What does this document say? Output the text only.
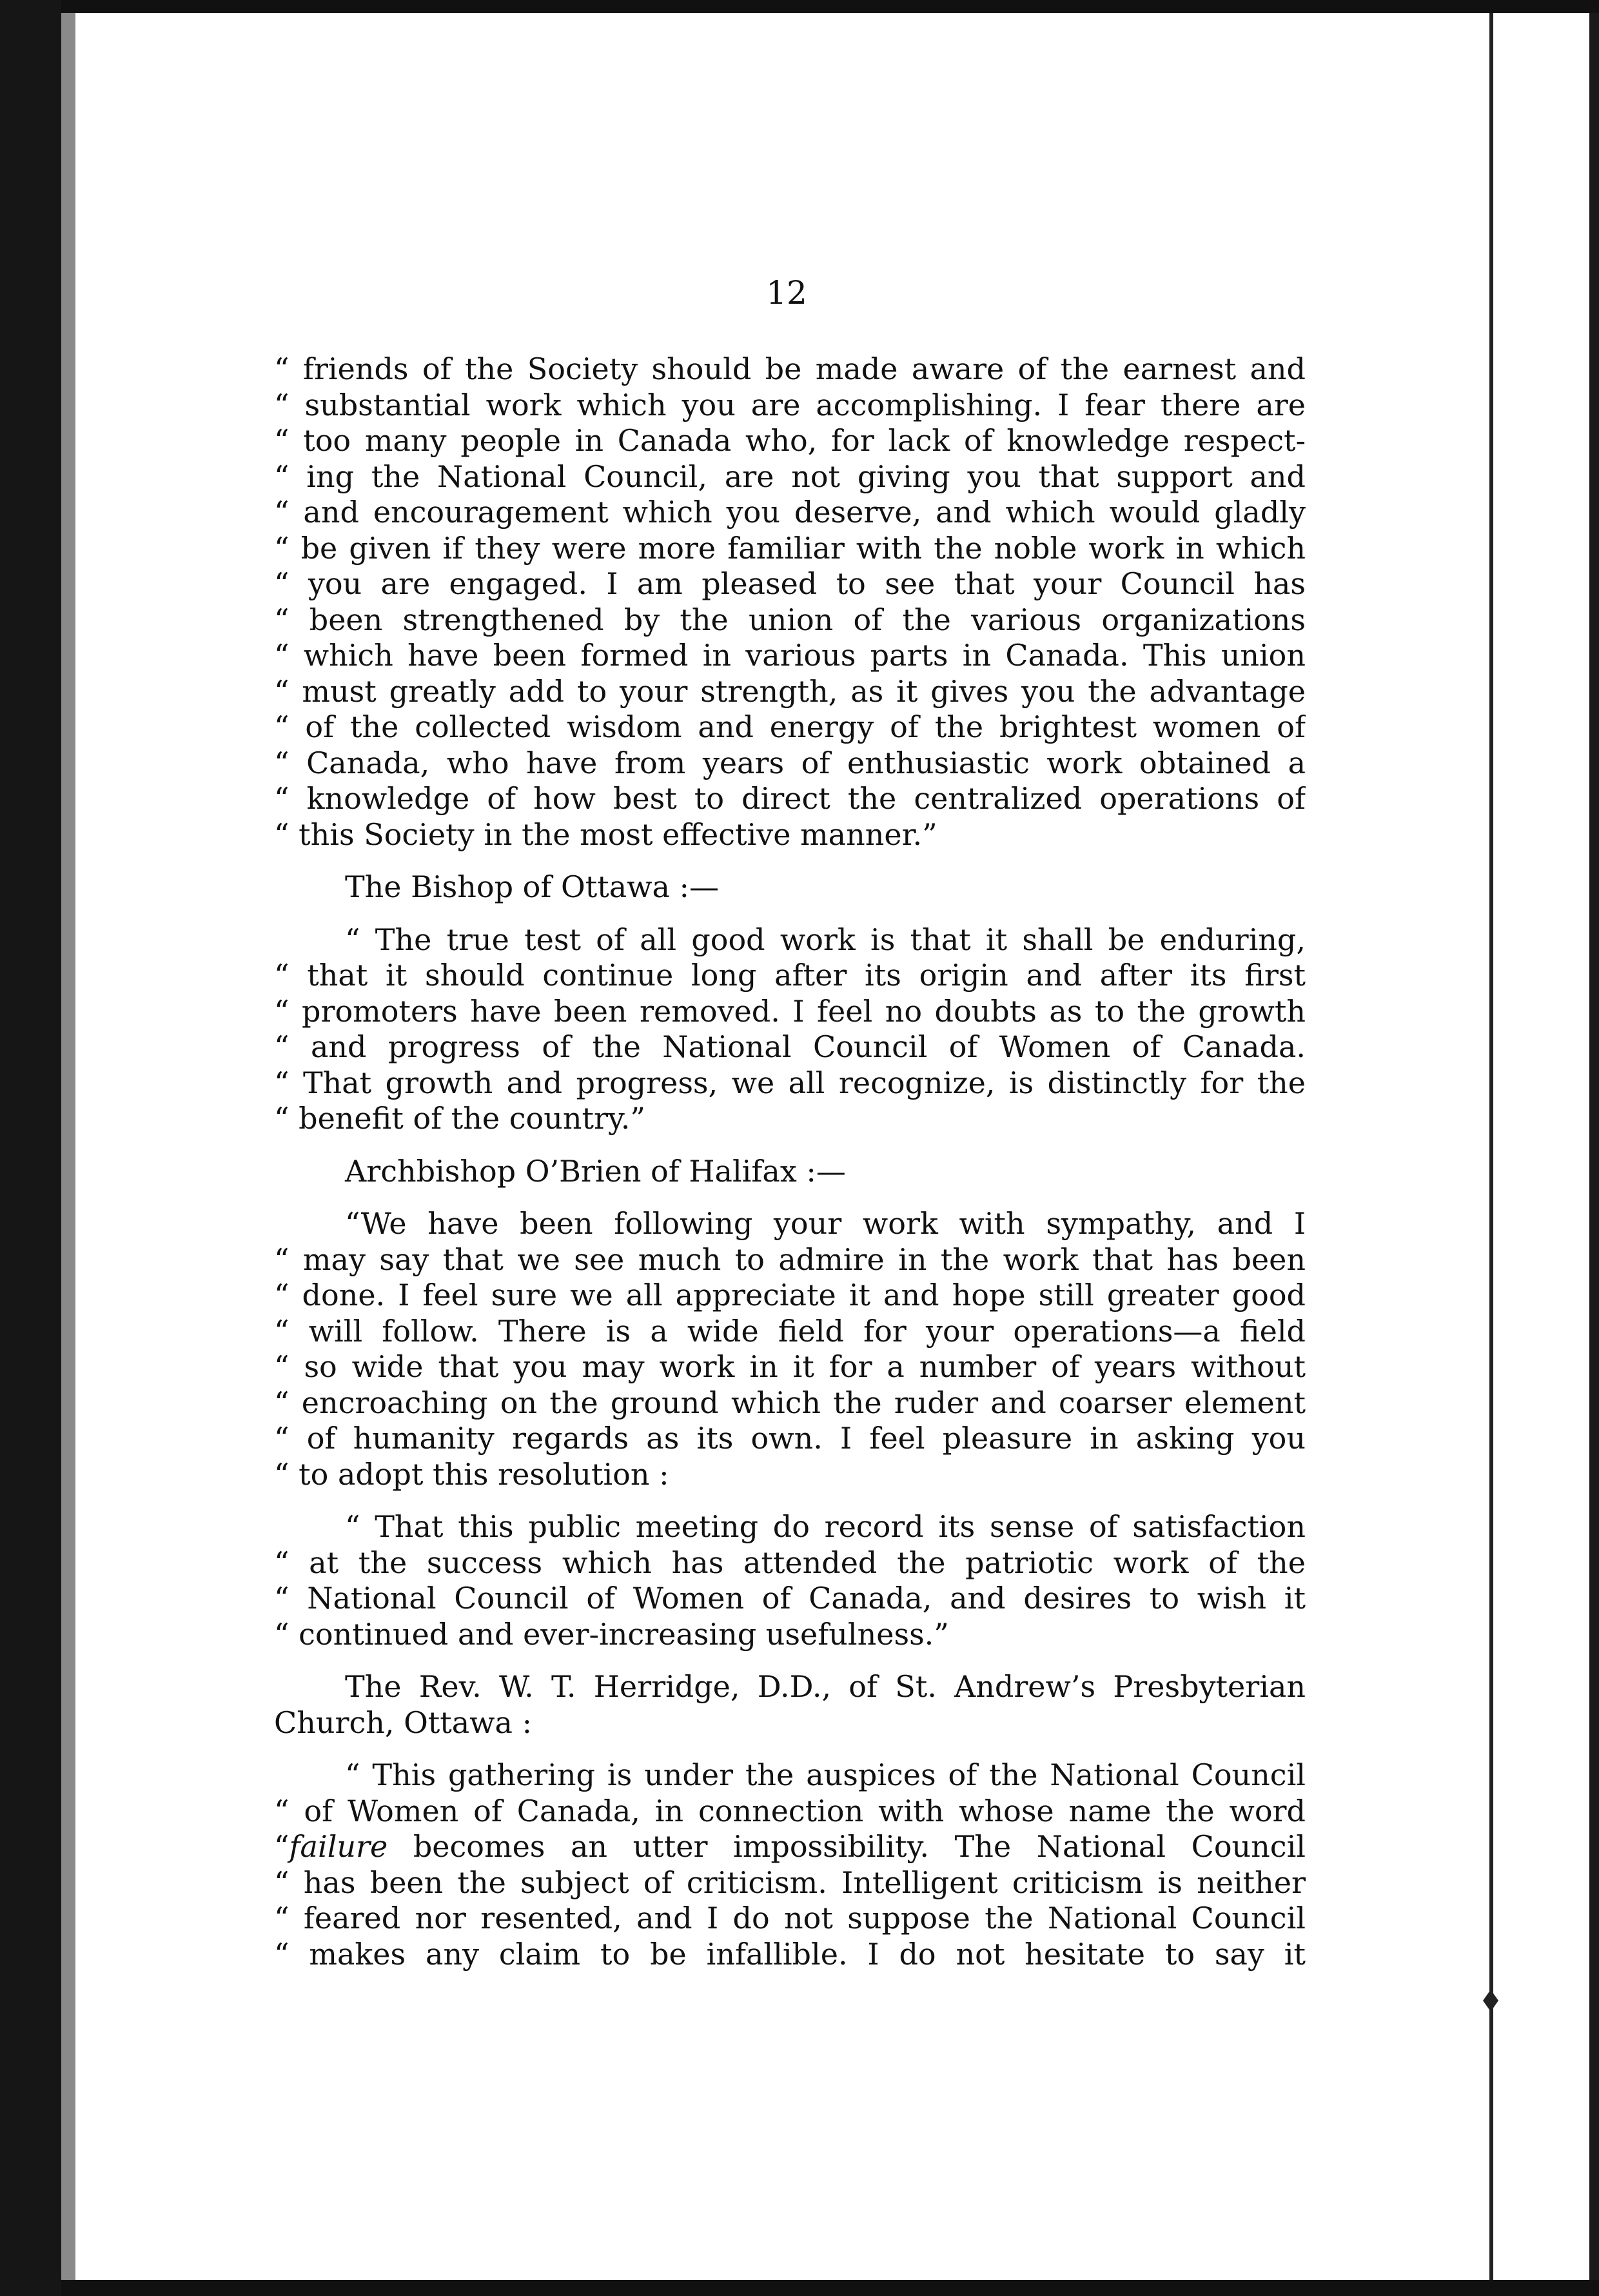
12
“ friends of the Society should be made aware of the earnest and
“ substantial work which you are accomplishing. I fear there are
“ too many people in Canada who, for lack of knowledge respect-
“ ing the National Council, are not giving you that support and
“ and encouragement which you deserve, and which would gladly
“ be given if they were more familiar with the noble work in which
“ you are engaged. I am pleased to see that your Council has
“ been strengthened by the union of the various organizations
“ which have been formed in various parts in Canada. This union
“ must greatly add to your strength, as it gives you the advantage
“ of the collected wisdom and energy of the brightest women of
“ Canada, who have from years of enthusiastic work obtained a
“ knowledge of how best to direct the centralized operations of
“ this Society in the most effective manner.”
The Bishop of Ottawa :—
“ The true test of all good work is that it shall be enduring,
“ that it should continue long after its origin and after its first
“ promoters have been removed. I feel no doubts as to the growth
“ and progress of the National Council of Women of Canada.
“ That growth and progress, we all recognize, is distinctly for the
“ benefit of the country.”
Archbishop O’Brien of Halifax :—
“We have been following your work with sympathy, and I
“ may say that we see much to admire in the work that has been
“ done. I feel sure we all appreciate it and hope still greater good
“ will follow. There is a wide field for your operations—a field
“ so wide that you may work in it for a number of years without
“ encroaching on the ground which the ruder and coarser element
“ of humanity regards as its own. I feel pleasure in asking you
“ to adopt this resolution :
“ That this public meeting do record its sense of satisfaction
“ at the success which has attended the patriotic work of the
“ National Council of Women of Canada, and desires to wish it
“ continued and ever-increasing usefulness.”
The Rev. W. T. Herridge, D.D., of St. Andrew’s Presbyterian
Church, Ottawa :
“ This gathering is under the auspices of the National Council
“ of Women of Canada, in connection with whose name the word
“failure becomes an utter impossibility. The National Council
“ has been the subject of criticism. Intelligent criticism is neither
“ feared nor resented, and I do not suppose the National Council
“ makes any claim to be infallible. I do not hesitate to say it
